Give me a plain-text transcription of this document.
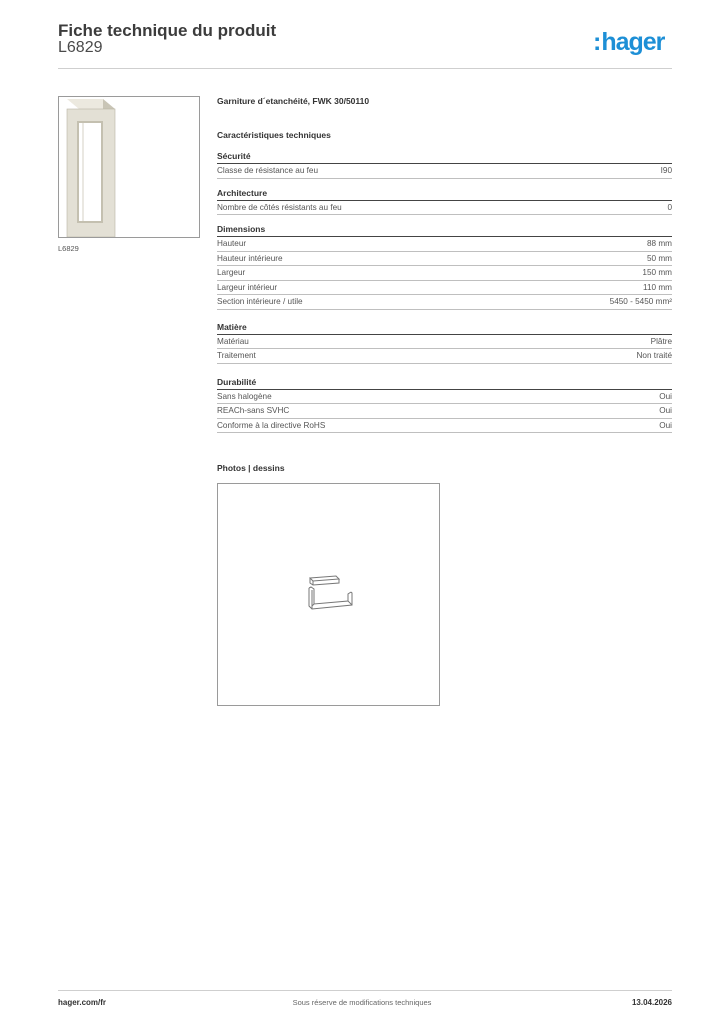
Fiche technique du produit
L6829	:hager
L6829
Garniture d´etanchéité, FWK 30/50110
Caractéristiques techniques
Sécurité
Classe de résistance au feu	I90
Architecture
Nombre de côtés résistants au feu	0
Dimensions
Hauteur	88 mm
Hauteur intérieure	50 mm
Largeur	150 mm
Largeur intérieur	110 mm
Section intérieure / utile	5450 - 5450 mm²
Matière
Matériau	Plâtre
Traitement	Non traité
Durabilité
Sans halogène	Oui
REACh-sans SVHC	Oui
Conforme à la directive RoHS	Oui
Photos | dessins
hager.com/fr	Sous réserve de modifications techniques	13.04.2026
